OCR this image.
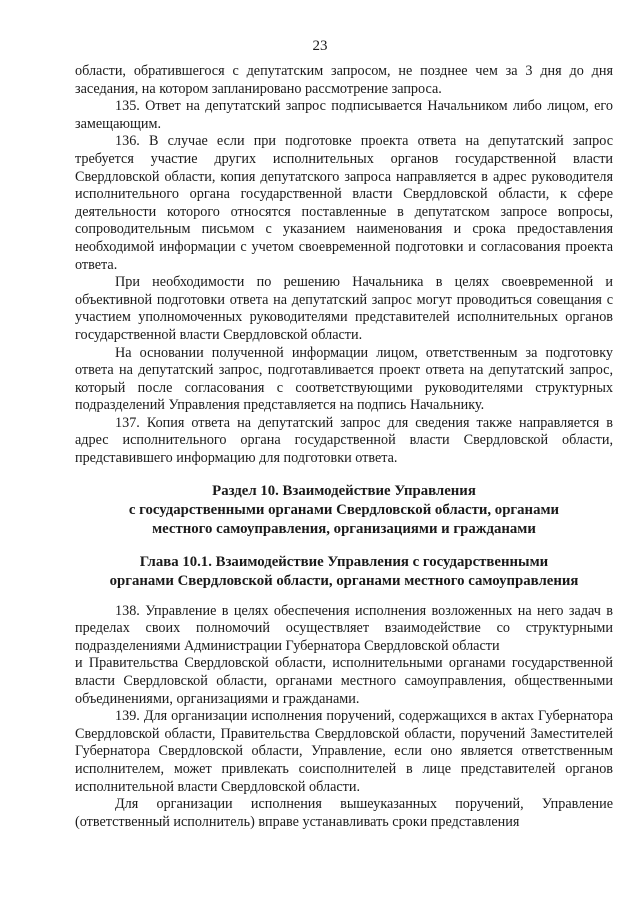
23

области, обратившегося с депутатским запросом, не позднее чем за 3 дня до дня заседания, на котором запланировано рассмотрение запроса.

135. Ответ на депутатский запрос подписывается Начальником либо лицом, его замещающим.

136. В случае если при подготовке проекта ответа на депутатский запрос требуется участие других исполнительных органов государственной власти Свердловской области, копия депутатского запроса направляется в адрес руководителя исполнительного органа государственной власти Свердловской области, к сфере деятельности которого относятся поставленные в депутатском запросе вопросы, сопроводительным письмом с указанием наименования и срока предоставления необходимой информации с учетом своевременной подготовки и согласования проекта ответа.

При необходимости по решению Начальника в целях своевременной и объективной подготовки ответа на депутатский запрос могут проводиться совещания с участием уполномоченных руководителями представителей исполнительных органов государственной власти Свердловской области.

На основании полученной информации лицом, ответственным за подготовку ответа на депутатский запрос, подготавливается проект ответа на депутатский запрос, который после согласования с соответствующими руководителями структурных подразделений Управления представляется на подпись Начальнику.

137. Копия ответа на депутатский запрос для сведения также направляется в адрес исполнительного органа государственной власти Свердловской области, представившего информацию для подготовки ответа.

Раздел 10. Взаимодействие Управления
с государственными органами Свердловской области, органами
местного самоуправления, организациями и гражданами
Глава 10.1. Взаимодействие Управления с государственными
органами Свердловской области, органами местного самоуправления

138. Управление в целях обеспечения исполнения возложенных на него задач в пределах своих полномочий осуществляет взаимодействие со структурными подразделениями Администрации Губернатора Свердловской области

и Правительства Свердловской области, исполнительными органами государственной власти Свердловской области, органами местного самоуправления, общественными объединениями, организациями и гражданами.

139. Для организации исполнения поручений, содержащихся в актах Губернатора Свердловской области, Правительства Свердловской области, поручений Заместителей Губернатора Свердловской области, Управление, если оно является ответственным исполнителем, может привлекать соисполнителей в лице представителей органов исполнительной власти Свердловской области.

Для организации исполнения вышеуказанных поручений, Управление (ответственный исполнитель) вправе устанавливать сроки представления
